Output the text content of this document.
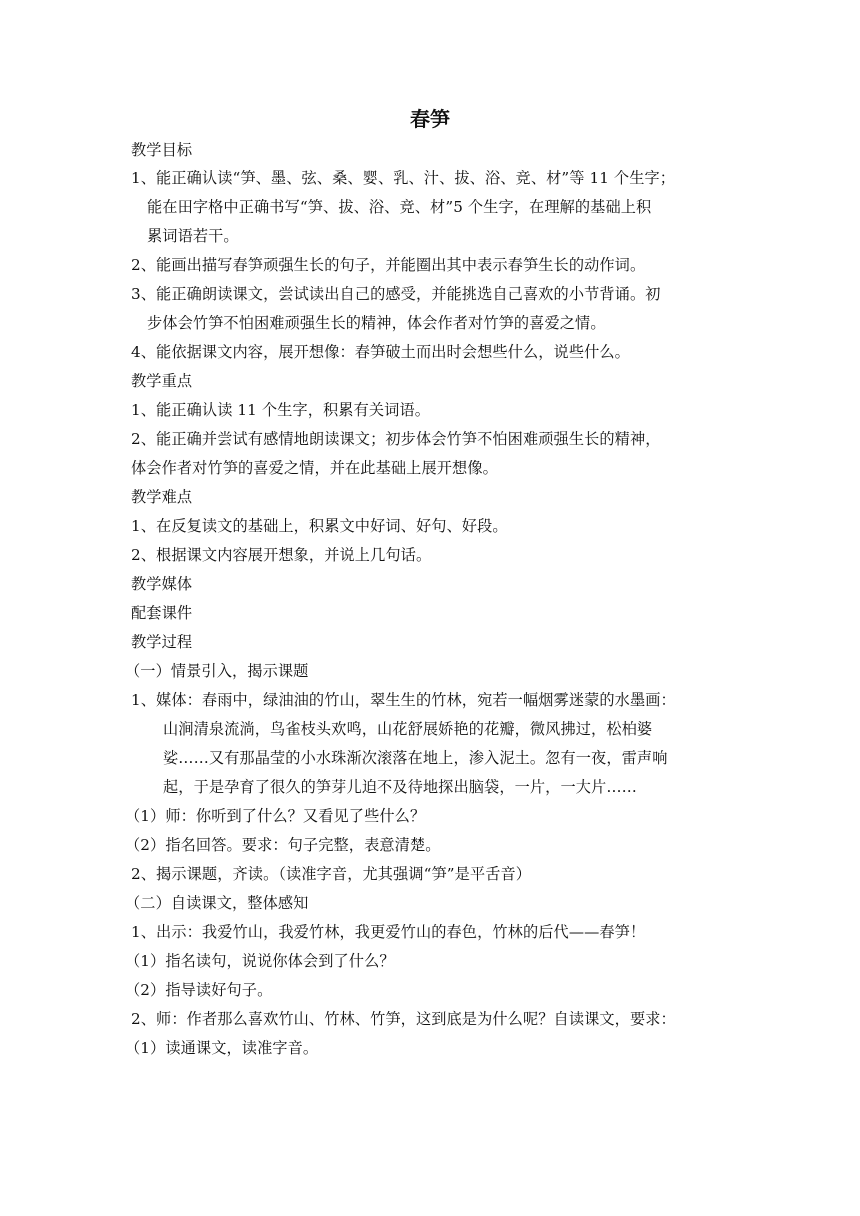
春笋
教学目标
1、能正确认读“笋、墨、弦、桑、婴、乳、汁、拔、浴、竞、材”等 11 个生字；
能在田字格中正确书写“笋、拔、浴、竞、材”5 个生字，在理解的基础上积
累词语若干。
2、能画出描写春笋顽强生长的句子，并能圈出其中表示春笋生长的动作词。
3、能正确朗读课文，尝试读出自己的感受，并能挑选自己喜欢的小节背诵。初
步体会竹笋不怕困难顽强生长的精神，体会作者对竹笋的喜爱之情。
4、能依据课文内容，展开想像：春笋破土而出时会想些什么，说些什么。
教学重点
1、能正确认读 11 个生字，积累有关词语。
2、能正确并尝试有感情地朗读课文；初步体会竹笋不怕困难顽强生长的精神，
体会作者对竹笋的喜爱之情，并在此基础上展开想像。
教学难点
1、在反复读文的基础上，积累文中好词、好句、好段。
2、根据课文内容展开想象，并说上几句话。
教学媒体
配套课件
教学过程
（一）情景引入，揭示课题
1、媒体：春雨中，绿油油的竹山，翠生生的竹林，宛若一幅烟雾迷蒙的水墨画：
山涧清泉流淌，鸟雀枝头欢鸣，山花舒展娇艳的花瓣，微风拂过，松柏婆
娑……又有那晶莹的小水珠渐次滚落在地上，渗入泥土。忽有一夜，雷声响
起，于是孕育了很久的笋芽儿迫不及待地探出脑袋，一片，一大片……
（1）师：你听到了什么？又看见了些什么？
（2）指名回答。要求：句子完整，表意清楚。
2、揭示课题，齐读。（读准字音，尤其强调“笋”是平舌音）
（二）自读课文，整体感知
1、出示：我爱竹山，我爱竹林，我更爱竹山的春色，竹林的后代——春笋！
（1）指名读句，说说你体会到了什么？
（2）指导读好句子。
2、师：作者那么喜欢竹山、竹林、竹笋，这到底是为什么呢？自读课文，要求：
（1）读通课文，读准字音。
